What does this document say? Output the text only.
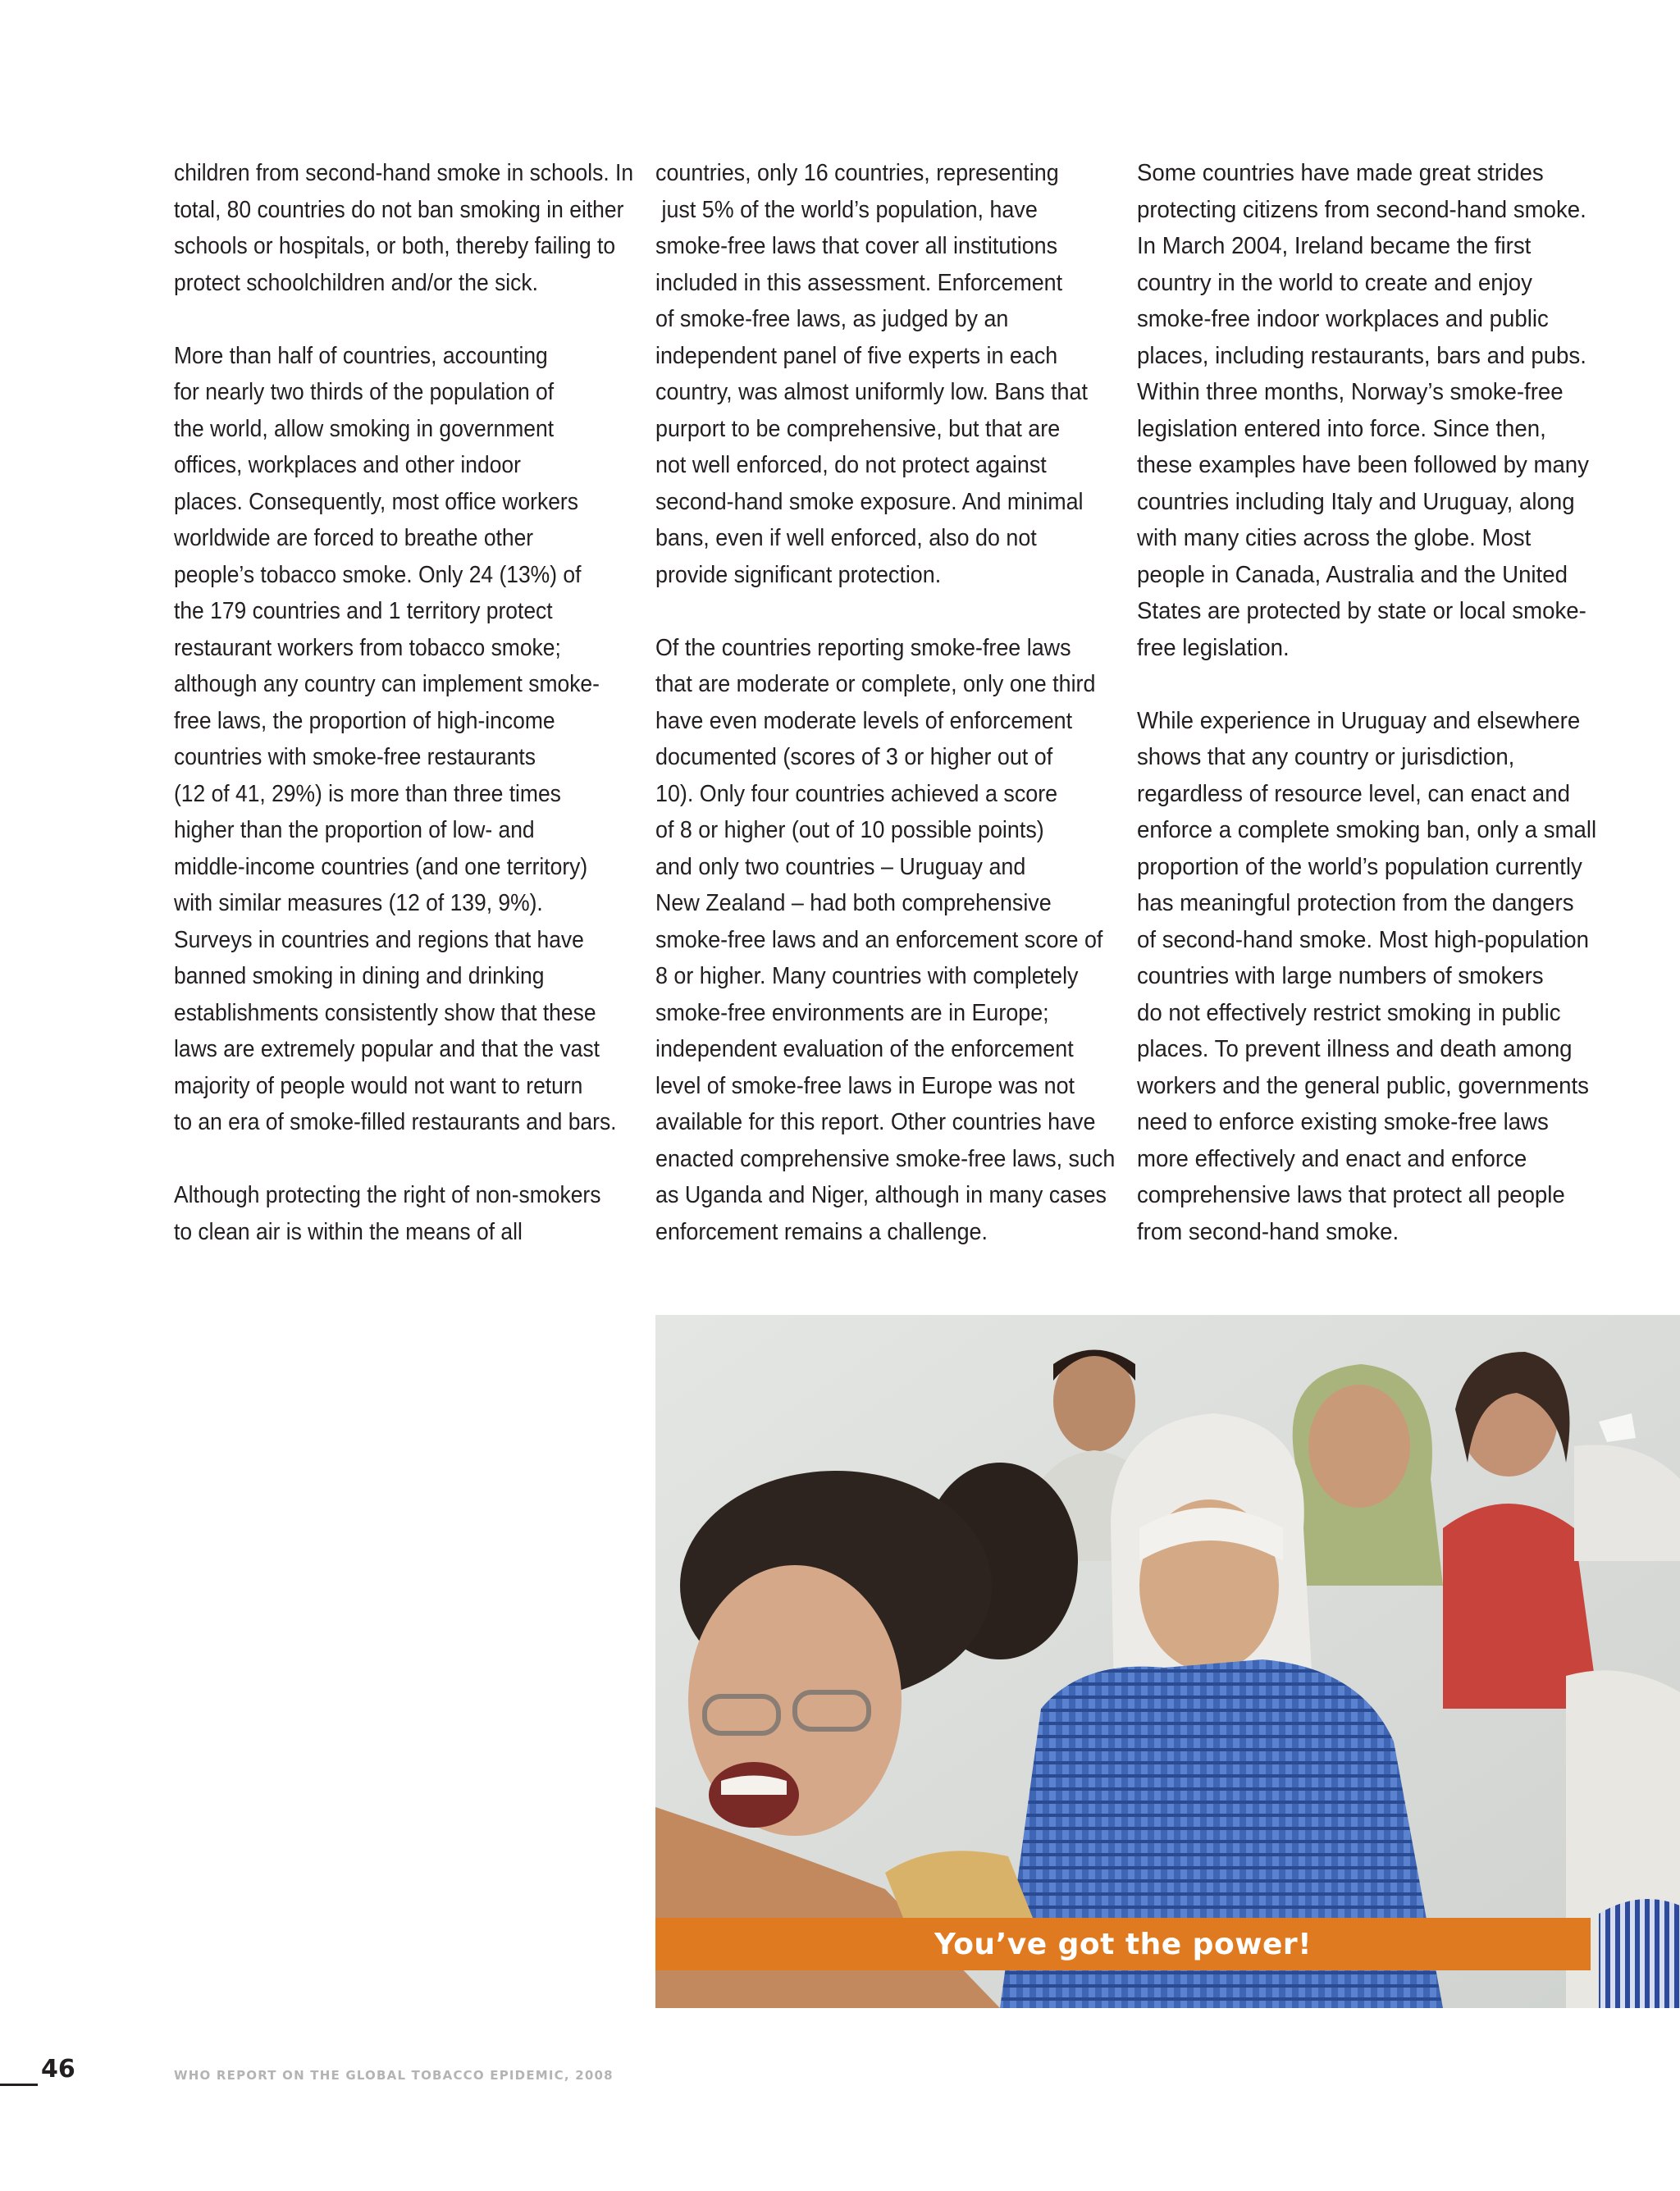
children from second-hand smoke in schools. In
total, 80 countries do not ban smoking in either
schools or hospitals, or both, thereby failing to
protect schoolchildren and/or the sick.
More than half of countries, accounting
for nearly two thirds of the population of
the world, allow smoking in government
offices, workplaces and other indoor
places. Consequently, most office workers
worldwide are forced to breathe other
people’s tobacco smoke. Only 24 (13%) of
the 179 countries and 1 territory protect
restaurant workers from tobacco smoke;
although any country can implement smoke-
free laws, the proportion of high-income
countries with smoke-free restaurants
(12 of 41, 29%) is more than three times
higher than the proportion of low- and
middle-income countries (and one territory)
with similar measures (12 of 139, 9%).
Surveys in countries and regions that have
banned smoking in dining and drinking
establishments consistently show that these
laws are extremely popular and that the vast
majority of people would not want to return
to an era of smoke-filled restaurants and bars.
Although protecting the right of non-smokers
to clean air is within the means of all
countries, only 16 countries, representing
just 5% of the world’s population, have
smoke-free laws that cover all institutions
included in this assessment. Enforcement
of smoke-free laws, as judged by an
independent panel of five experts in each
country, was almost uniformly low. Bans that
purport to be comprehensive, but that are
not well enforced, do not protect against
second-hand smoke exposure. And minimal
bans, even if well enforced, also do not
provide significant protection.
Of the countries reporting smoke-free laws
that are moderate or complete, only one third
have even moderate levels of enforcement
documented (scores of 3 or higher out of
10). Only four countries achieved a score
of 8 or higher (out of 10 possible points)
and only two countries – Uruguay and
New Zealand – had both comprehensive
smoke-free laws and an enforcement score of
8 or higher. Many countries with completely
smoke-free environments are in Europe;
independent evaluation of the enforcement
level of smoke-free laws in Europe was not
available for this report. Other countries have
enacted comprehensive smoke-free laws, such
as Uganda and Niger, although in many cases
enforcement remains a challenge.
Some countries have made great strides
protecting citizens from second-hand smoke.
In March 2004, Ireland became the first
country in the world to create and enjoy
smoke-free indoor workplaces and public
places, including restaurants, bars and pubs.
Within three months, Norway’s smoke-free
legislation entered into force. Since then,
these examples have been followed by many
countries including Italy and Uruguay, along
with many cities across the globe. Most
people in Canada, Australia and the United
States are protected by state or local smoke-
free legislation.
While experience in Uruguay and elsewhere
shows that any country or jurisdiction,
regardless of resource level, can enact and
enforce a complete smoking ban, only a small
proportion of the world’s population currently
has meaningful protection from the dangers
of second-hand smoke. Most high-population
countries with large numbers of smokers
do not effectively restrict smoking in public
places. To prevent illness and death among
workers and the general public, governments
need to enforce existing smoke-free laws
more effectively and enact and enforce
comprehensive laws that protect all people
from second-hand smoke.
You’ve got the power!
46	WHO REPORT ON THE GLOBAL TOBACCO EPIDEMIC, 2008
